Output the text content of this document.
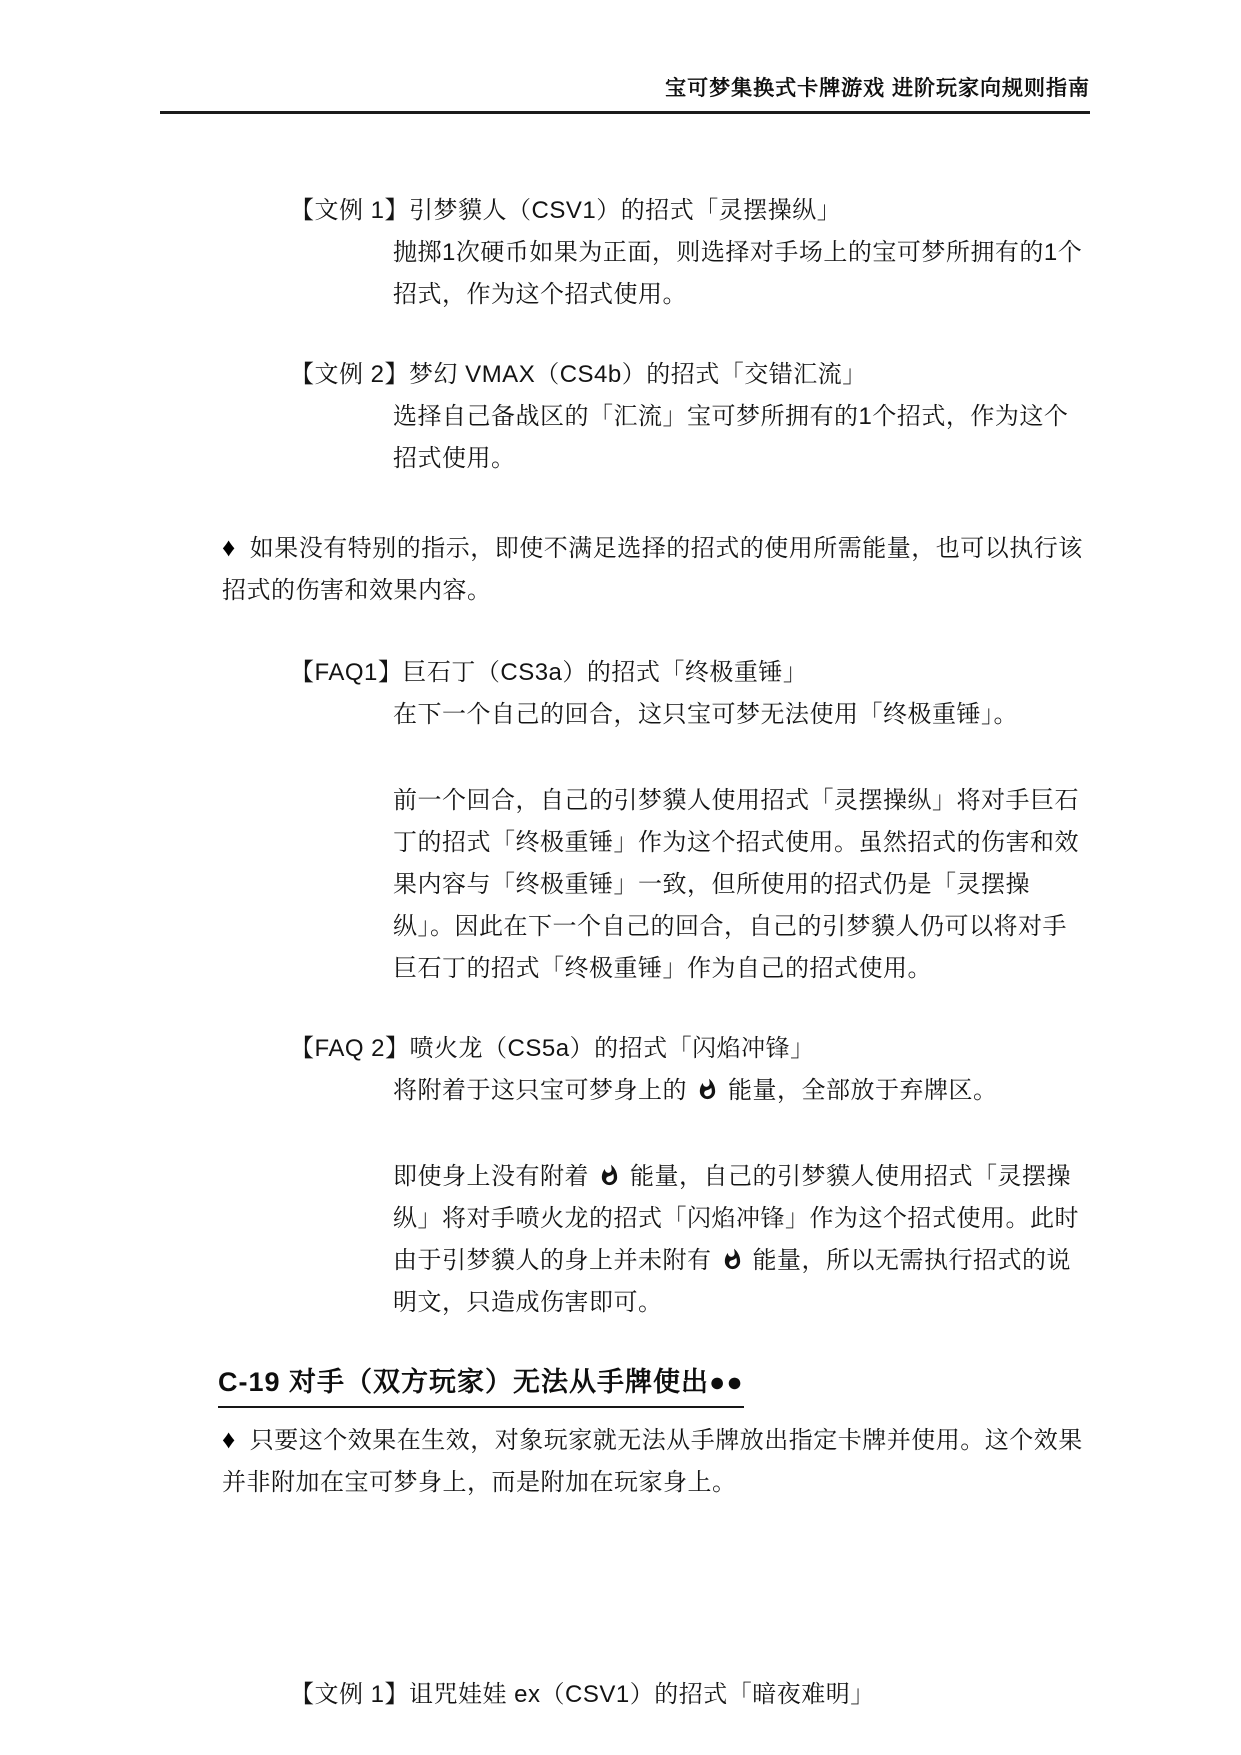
宝可梦集换式卡牌游戏 进阶玩家向规则指南
【文例 1】引梦貘人（CSV1）的招式「灵摆操纵」

抛掷1次硬币如果为正面，则选择对手场上的宝可梦所拥有的1个招式，作为这个招式使用。

【文例 2】梦幻 VMAX（CS4b）的招式「交错汇流」

选择自己备战区的「汇流」宝可梦所拥有的1个招式，作为这个招式使用。

♦ 如果没有特别的指示，即使不满足选择的招式的使用所需能量，也可以执行该招式的伤害和效果内容。

【FAQ1】巨石丁（CS3a）的招式「终极重锤」

在下一个自己的回合，这只宝可梦无法使用「终极重锤」。

前一个回合，自己的引梦貘人使用招式「灵摆操纵」将对手巨石丁的招式「终极重锤」作为这个招式使用。虽然招式的伤害和效果内容与「终极重锤」一致，但所使用的招式仍是「灵摆操纵」。因此在下一个自己的回合，自己的引梦貘人仍可以将对手巨石丁的招式「终极重锤」作为自己的招式使用。

【FAQ 2】喷火龙（CS5a）的招式「闪焰冲锋」

将附着于这只宝可梦身上的 能量，全部放于弃牌区。

即使身上没有附着 能量，自己的引梦貘人使用招式「灵摆操纵」将对手喷火龙的招式「闪焰冲锋」作为这个招式使用。此时由于引梦貘人的身上并未附有 能量，所以无需执行招式的说明文，只造成伤害即可。

C-19 对手（双方玩家）无法从手牌使出●●

♦ 只要这个效果在生效，对象玩家就无法从手牌放出指定卡牌并使用。这个效果并非附加在宝可梦身上，而是附加在玩家身上。

【文例 1】诅咒娃娃 ex（CSV1）的招式「暗夜难明」
